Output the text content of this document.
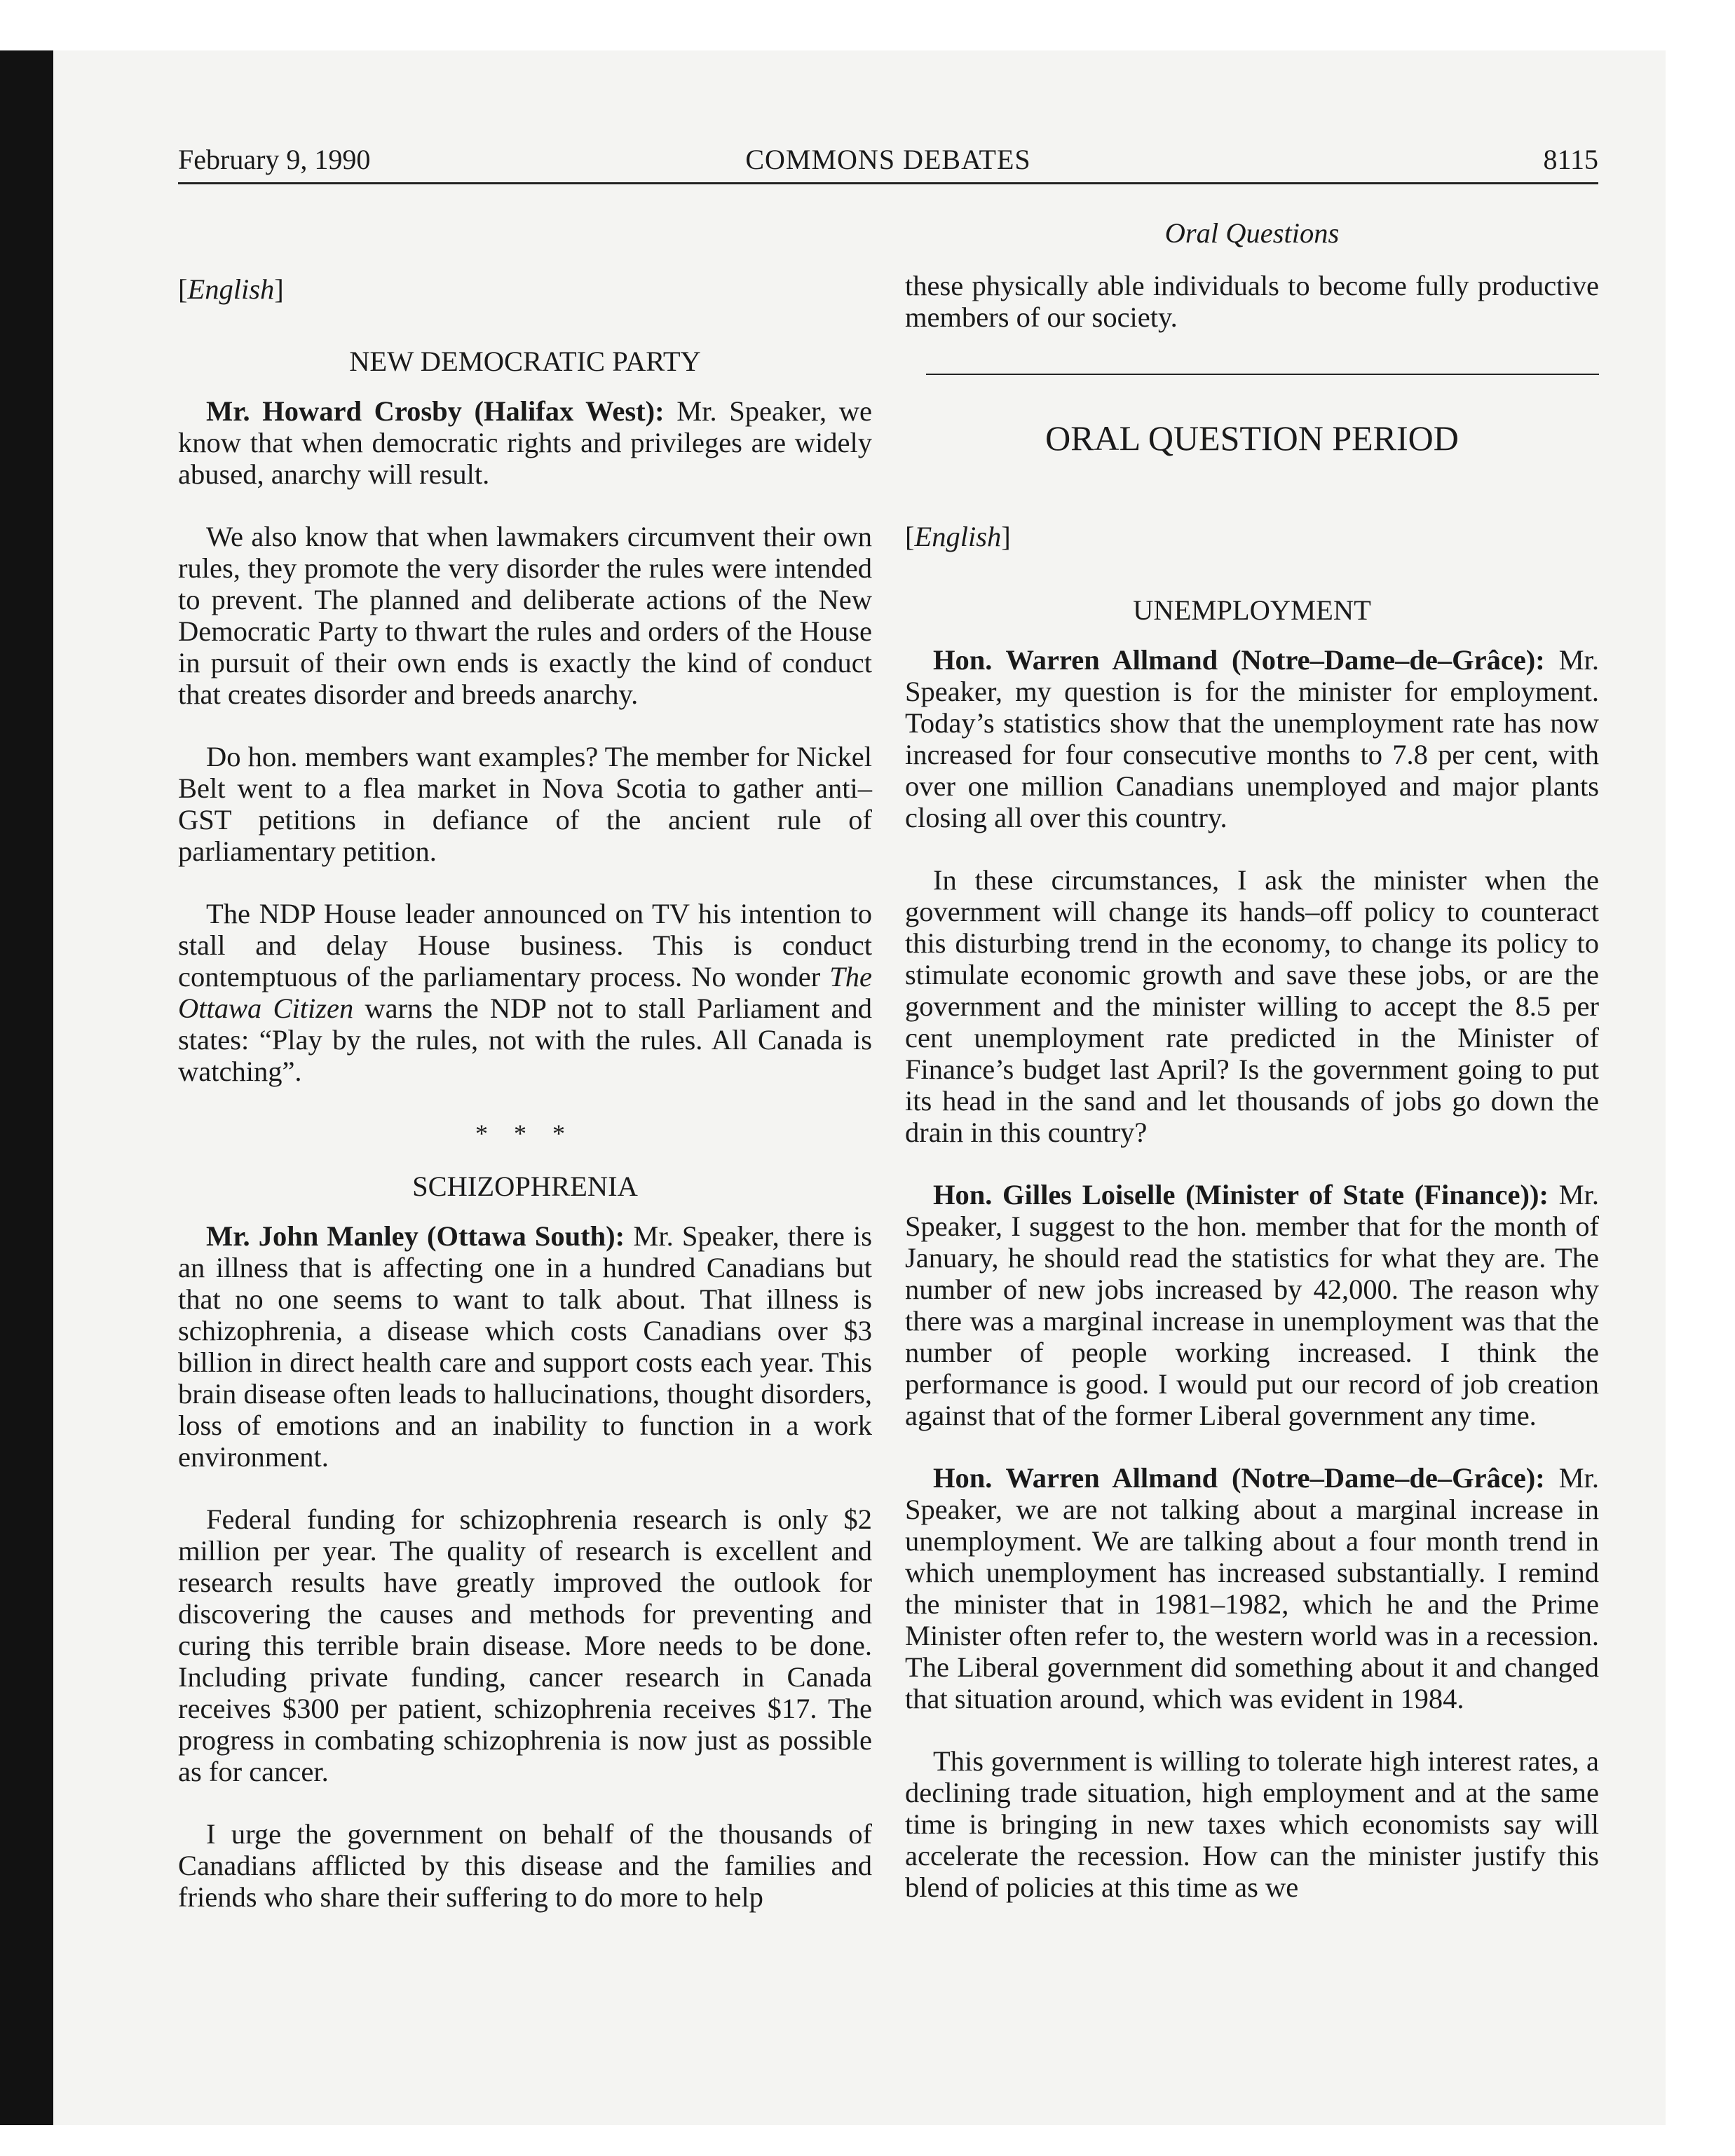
February 9, 1990	COMMONS DEBATES	8115
[ English ]
NEW DEMOCRATIC PARTY

Mr. Howard Crosby (Halifax West): Mr. Speaker, we know that when democratic rights and privileges are widely abused, anarchy will result.

We also know that when lawmakers circumvent their own rules, they promote the very disorder the rules were intended to prevent. The planned and deliberate actions of the New Democratic Party to thwart the rules and orders of the House in pursuit of their own ends is exactly the kind of conduct that creates disorder and breeds anarchy.

Do hon. members want examples? The member for Nickel Belt went to a flea market in Nova Scotia to gather anti–GST petitions in defiance of the ancient rule of parliamentary petition.

The NDP House leader announced on TV his intention to stall and delay House business. This is conduct contemptuous of the parliamentary process. No wonder The Ottawa Citizen warns the NDP not to stall Parliament and states: “Play by the rules, not with the rules. All Canada is watching”.

* * *
SCHIZOPHRENIA

Mr. John Manley (Ottawa South): Mr. Speaker, there is an illness that is affecting one in a hundred Canadians but that no one seems to want to talk about. That illness is schizophrenia, a disease which costs Canadians over $3 billion in direct health care and support costs each year. This brain disease often leads to hallucinations, thought disorders, loss of emotions and an inability to function in a work environment.

Federal funding for schizophrenia research is only $2 million per year. The quality of research is excellent and research results have greatly improved the outlook for discovering the causes and methods for preventing and curing this terrible brain disease. More needs to be done. Including private funding, cancer research in Canada receives $300 per patient, schizophrenia receives $17. The progress in combating schizophrenia is now just as possible as for cancer.

I urge the government on behalf of the thousands of Canadians afflicted by this disease and the families and friends who share their suffering to do more to help

Oral Questions

these physically able individuals to become fully productive members of our society.

ORAL QUESTION PERIOD
[ English ]
UNEMPLOYMENT

Hon. Warren Allmand (Notre–Dame–de–Grâce): Mr. Speaker, my question is for the minister for employment. Today’s statistics show that the unemployment rate has now increased for four consecutive months to 7.8 per cent, with over one million Canadians unemployed and major plants closing all over this country.

In these circumstances, I ask the minister when the government will change its hands–off policy to counteract this disturbing trend in the economy, to change its policy to stimulate economic growth and save these jobs, or are the government and the minister willing to accept the 8.5 per cent unemployment rate predicted in the Minister of Finance’s budget last April? Is the government going to put its head in the sand and let thousands of jobs go down the drain in this country?

Hon. Gilles Loiselle (Minister of State (Finance)): Mr. Speaker, I suggest to the hon. member that for the month of January, he should read the statistics for what they are. The number of new jobs increased by 42,000. The reason why there was a marginal increase in unemployment was that the number of people working increased. I think the performance is good. I would put our record of job creation against that of the former Liberal government any time.

Hon. Warren Allmand (Notre–Dame–de–Grâce): Mr. Speaker, we are not talking about a marginal increase in unemployment. We are talking about a four month trend in which unemployment has increased substantially. I remind the minister that in 1981–1982, which he and the Prime Minister often refer to, the western world was in a recession. The Liberal government did something about it and changed that situation around, which was evident in 1984.

This government is willing to tolerate high interest rates, a declining trade situation, high employment and at the same time is bringing in new taxes which economists say will accelerate the recession. How can the minister justify this blend of policies at this time as we
